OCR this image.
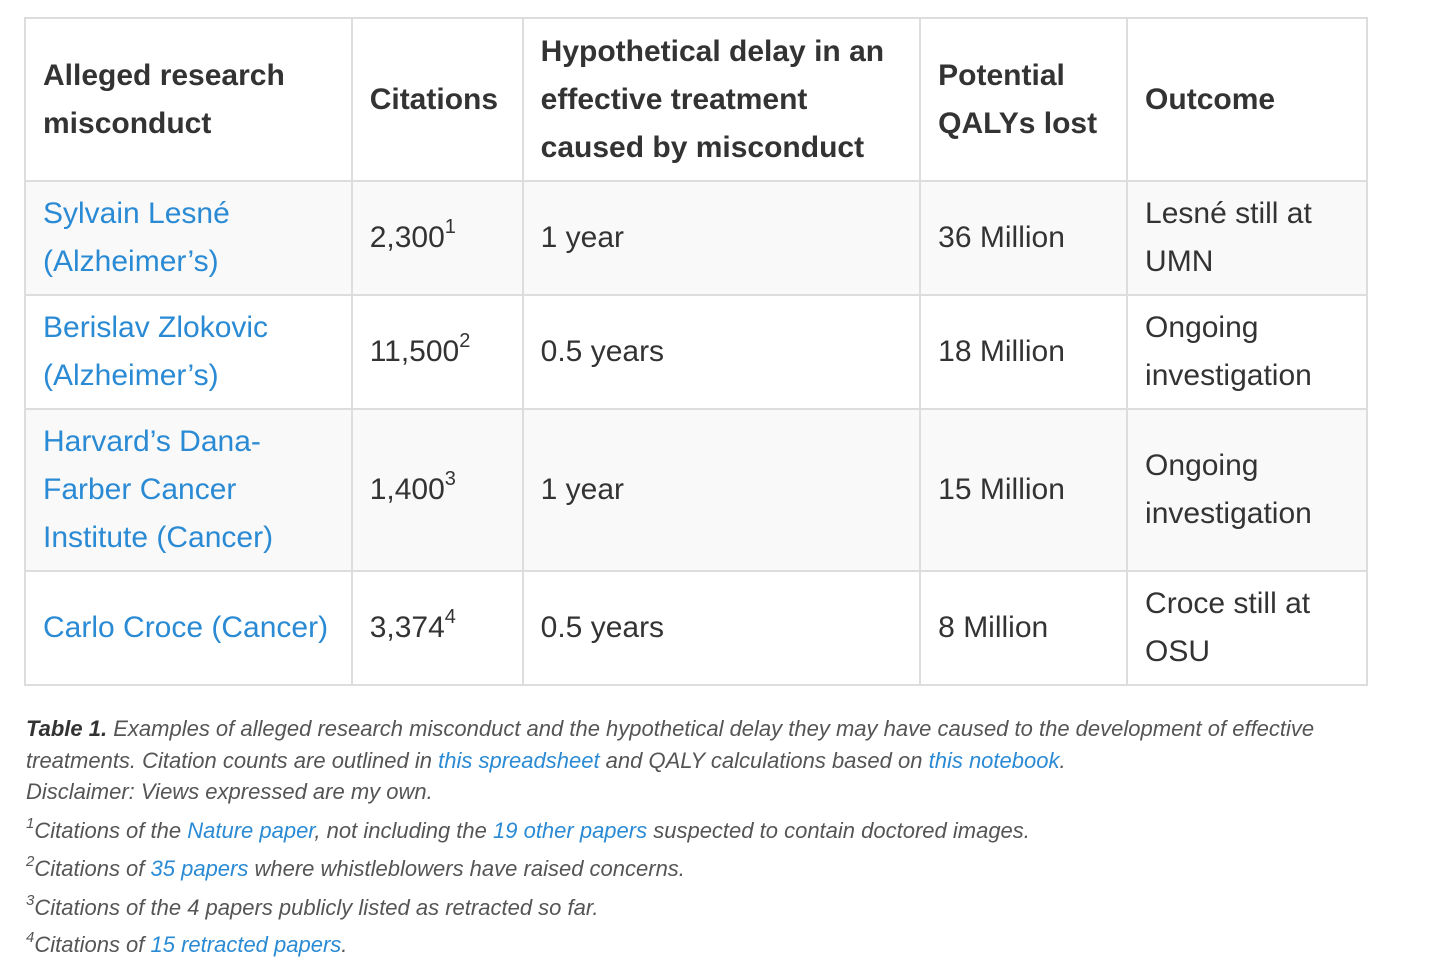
Alleged research misconduct	Citations	Hypothetical delay in an effective treatment caused by misconduct	Potential QALYs lost	Outcome
Sylvain Lesné (Alzheimer’s)	2,300$^1$	1 year	36 Million	Lesné still at UMN
Berislav Zlokovic (Alzheimer’s)	11,500$^2$	0.5 years	18 Million	Ongoing investigation
Harvard’s Dana-Farber Cancer Institute (Cancer)	1,400$^3$	1 year	15 Million	Ongoing investigation
Carlo Croce (Cancer)	3,374$^4$	0.5 years	8 Million	Croce still at OSU
Table 1. Examples of alleged research misconduct and the hypothetical delay they may have caused to the development of effective treatments. Citation counts are outlined in this spreadsheet and QALY calculations based on this notebook.
Disclaimer: Views expressed are my own.
$^1$Citations of the Nature paper, not including the 19 other papers suspected to contain doctored images.
$^2$Citations of 35 papers where whistleblowers have raised concerns.
$^3$Citations of the 4 papers publicly listed as retracted so far.
$^4$Citations of 15 retracted papers.
